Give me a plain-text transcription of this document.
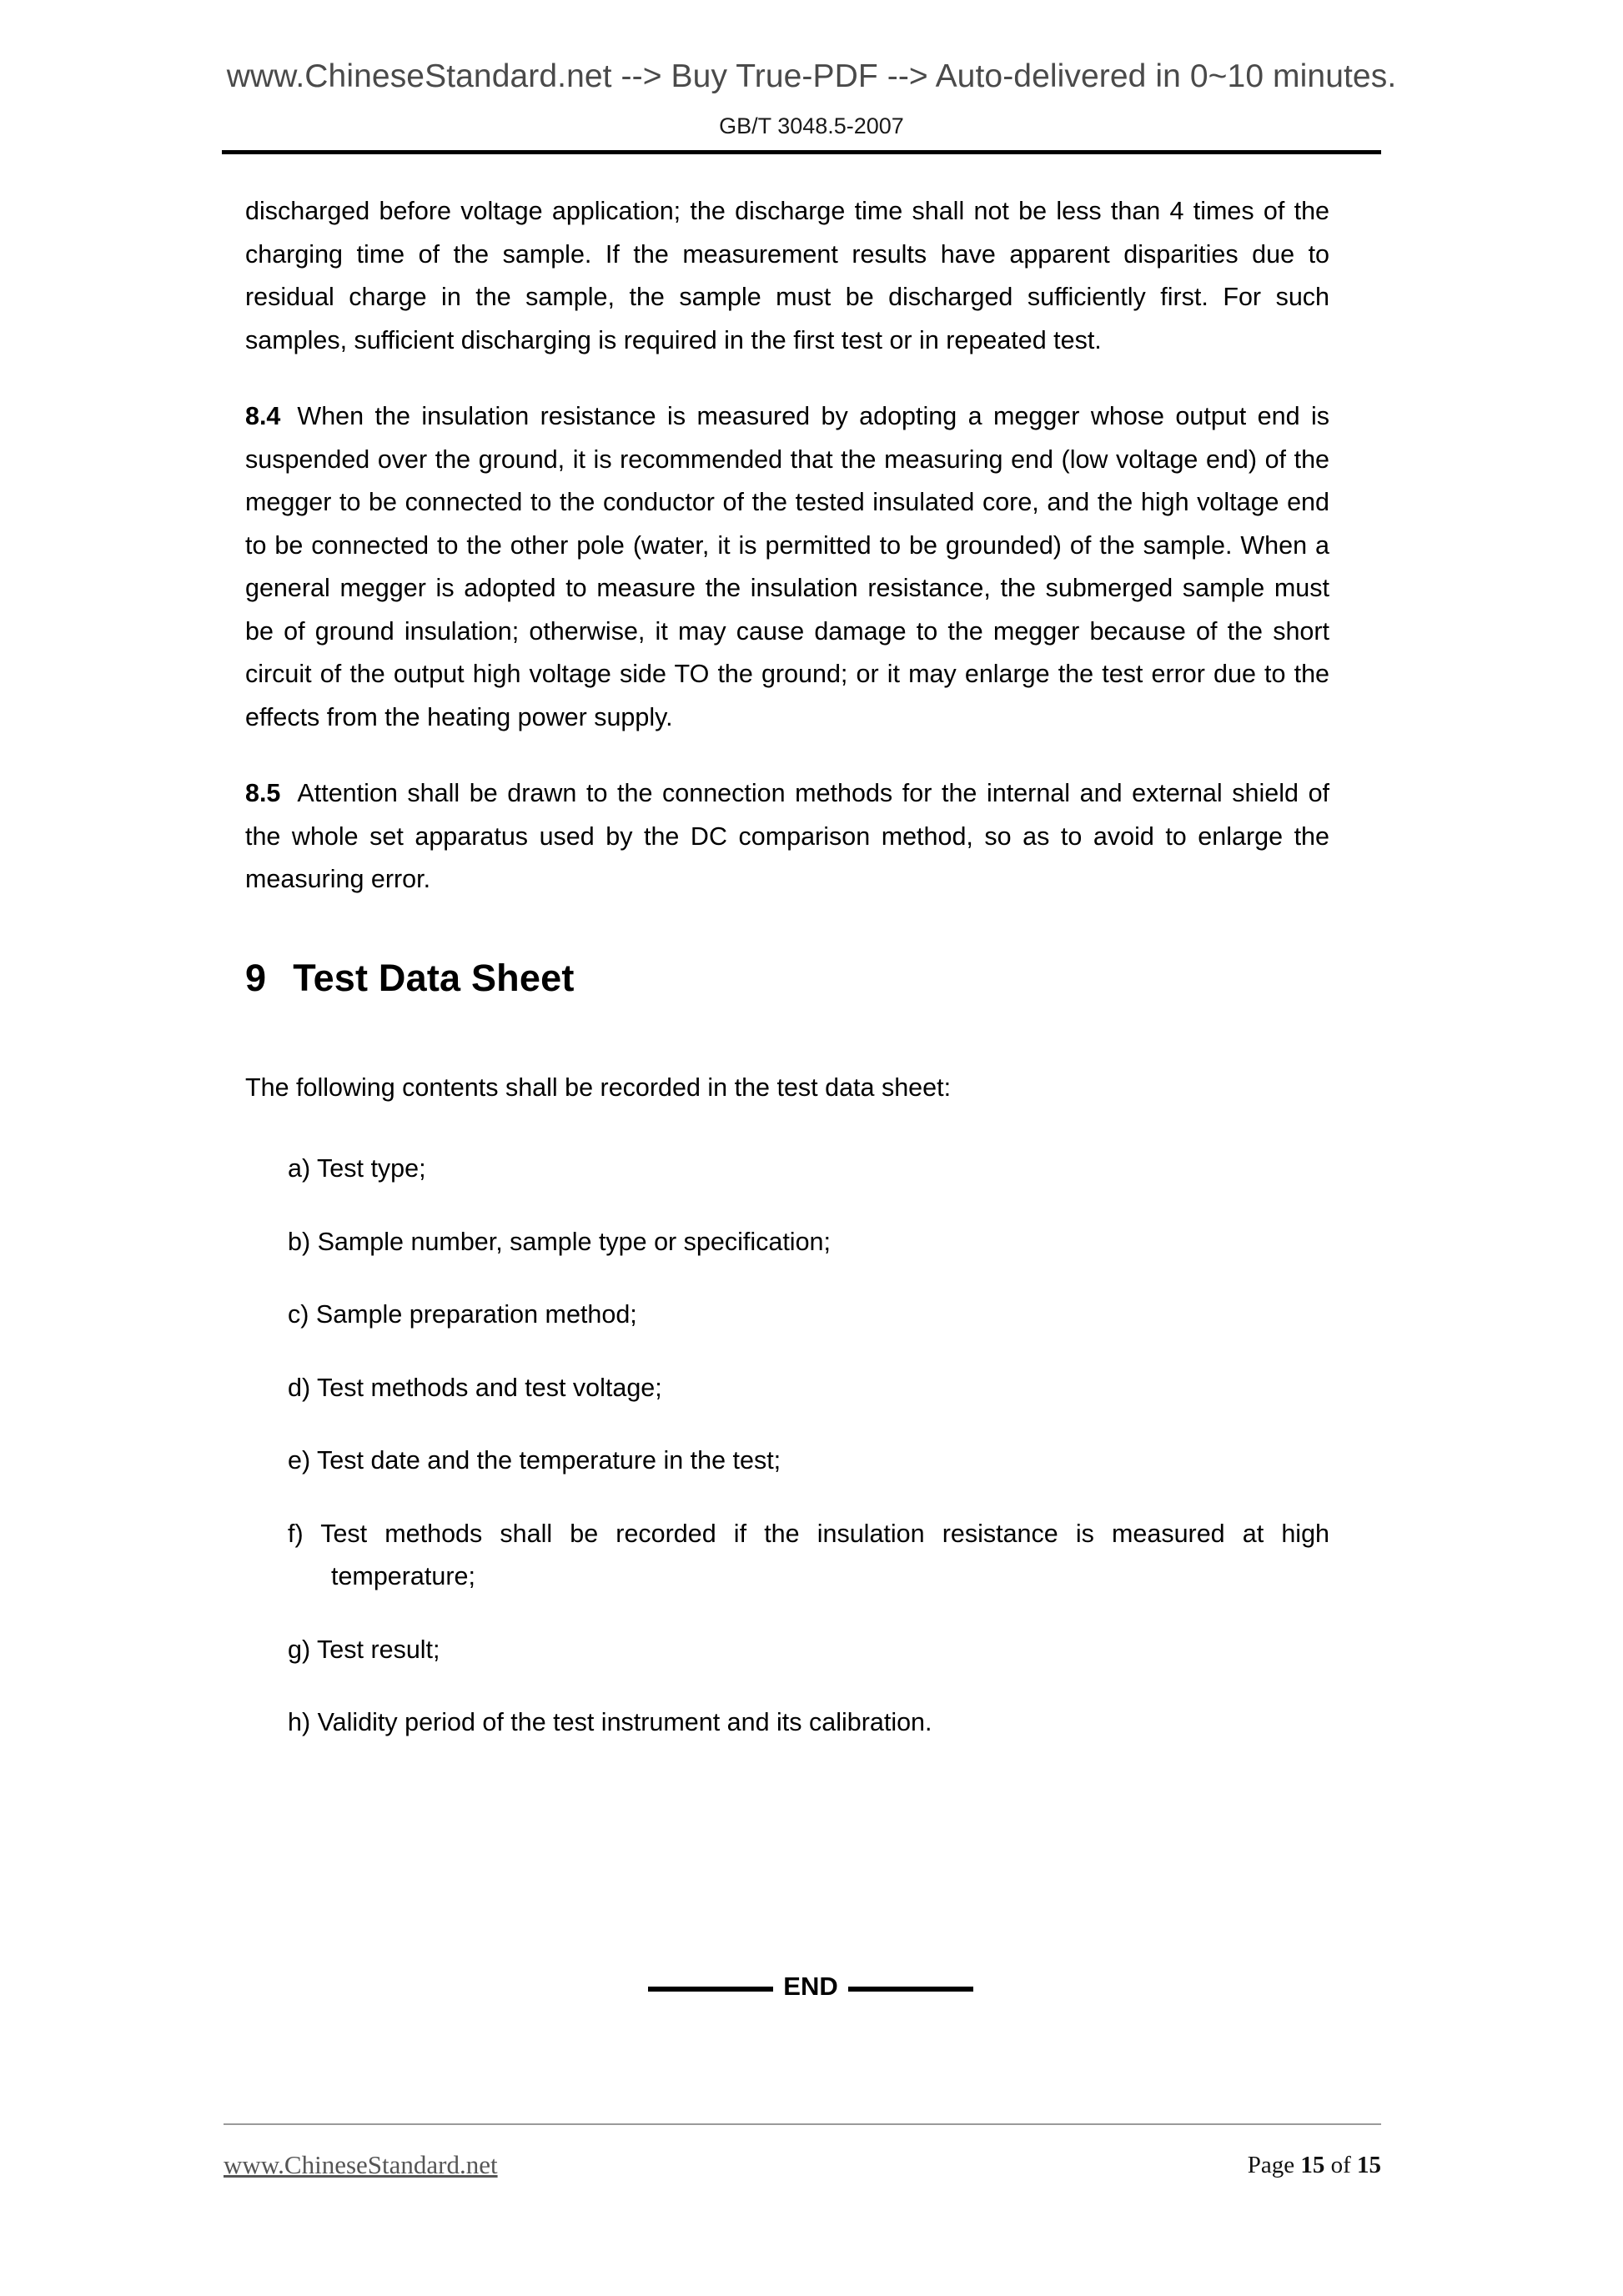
www.ChineseStandard.net --> Buy True-PDF --> Auto-delivered in 0~10 minutes.
GB/T 3048.5-2007

discharged before voltage application; the discharge time shall not be less than 4 times of the charging time of the sample. If the measurement results have apparent disparities due to residual charge in the sample, the sample must be discharged sufficiently first. For such samples, sufficient discharging is required in the first test or in repeated test.

8.4 When the insulation resistance is measured by adopting a megger whose output end is suspended over the ground, it is recommended that the measuring end (low voltage end) of the megger to be connected to the conductor of the tested insulated core, and the high voltage end to be connected to the other pole (water, it is permitted to be grounded) of the sample. When a general megger is adopted to measure the insulation resistance, the submerged sample must be of ground insulation; otherwise, it may cause damage to the megger because of the short circuit of the output high voltage side TO the ground; or it may enlarge the test error due to the effects from the heating power supply.

8.5 Attention shall be drawn to the connection methods for the internal and external shield of the whole set apparatus used by the DC comparison method, so as to avoid to enlarge the measuring error.

9 Test Data Sheet

The following contents shall be recorded in the test data sheet:

a) Test type;
b) Sample number, sample type or specification;
c) Sample preparation method;
d) Test methods and test voltage;
e) Test date and the temperature in the test;
f) Test methods shall be recorded if the insulation resistance is measured at high temperature;
g) Test result;
h) Validity period of the test instrument and its calibration.
END
www.ChineseStandard.net	Page 15 of 15
